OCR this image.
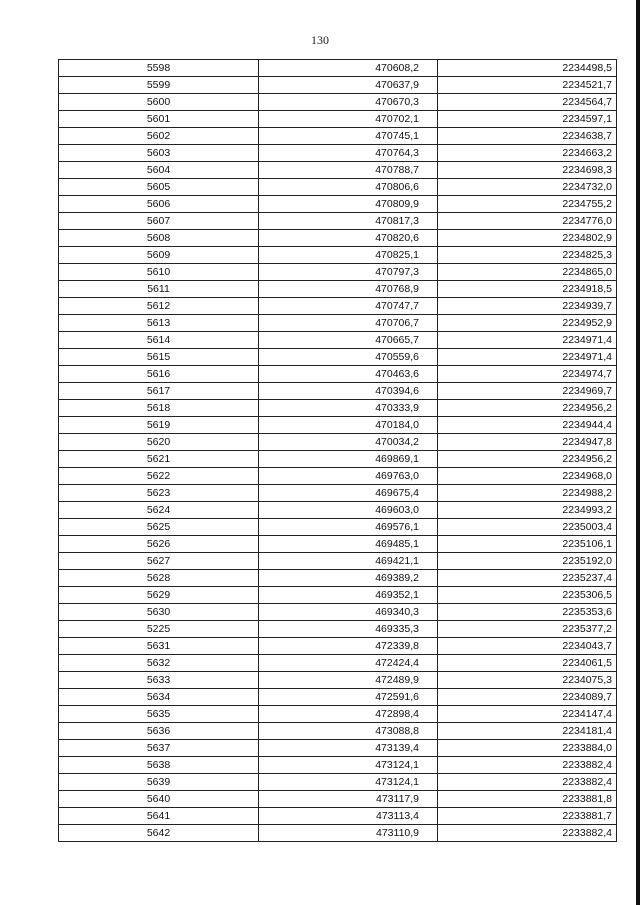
130
5598	470608,2	2234498,5
5599	470637,9	2234521,7
5600	470670,3	2234564,7
5601	470702,1	2234597,1
5602	470745,1	2234638,7
5603	470764,3	2234663,2
5604	470788,7	2234698,3
5605	470806,6	2234732,0
5606	470809,9	2234755,2
5607	470817,3	2234776,0
5608	470820,6	2234802,9
5609	470825,1	2234825,3
5610	470797,3	2234865,0
5611	470768,9	2234918,5
5612	470747,7	2234939,7
5613	470706,7	2234952,9
5614	470665,7	2234971,4
5615	470559,6	2234971,4
5616	470463,6	2234974,7
5617	470394,6	2234969,7
5618	470333,9	2234956,2
5619	470184,0	2234944,4
5620	470034,2	2234947,8
5621	469869,1	2234956,2
5622	469763,0	2234968,0
5623	469675,4	2234988,2
5624	469603,0	2234993,2
5625	469576,1	2235003,4
5626	469485,1	2235106,1
5627	469421,1	2235192,0
5628	469389,2	2235237,4
5629	469352,1	2235306,5
5630	469340,3	2235353,6
5225	469335,3	2235377,2
5631	472339,8	2234043,7
5632	472424,4	2234061,5
5633	472489,9	2234075,3
5634	472591,6	2234089,7
5635	472898,4	2234147,4
5636	473088,8	2234181,4
5637	473139,4	2233884,0
5638	473124,1	2233882,4
5639	473124,1	2233882,4
5640	473117,9	2233881,8
5641	473113,4	2233881,7
5642	473110,9	2233882,4
